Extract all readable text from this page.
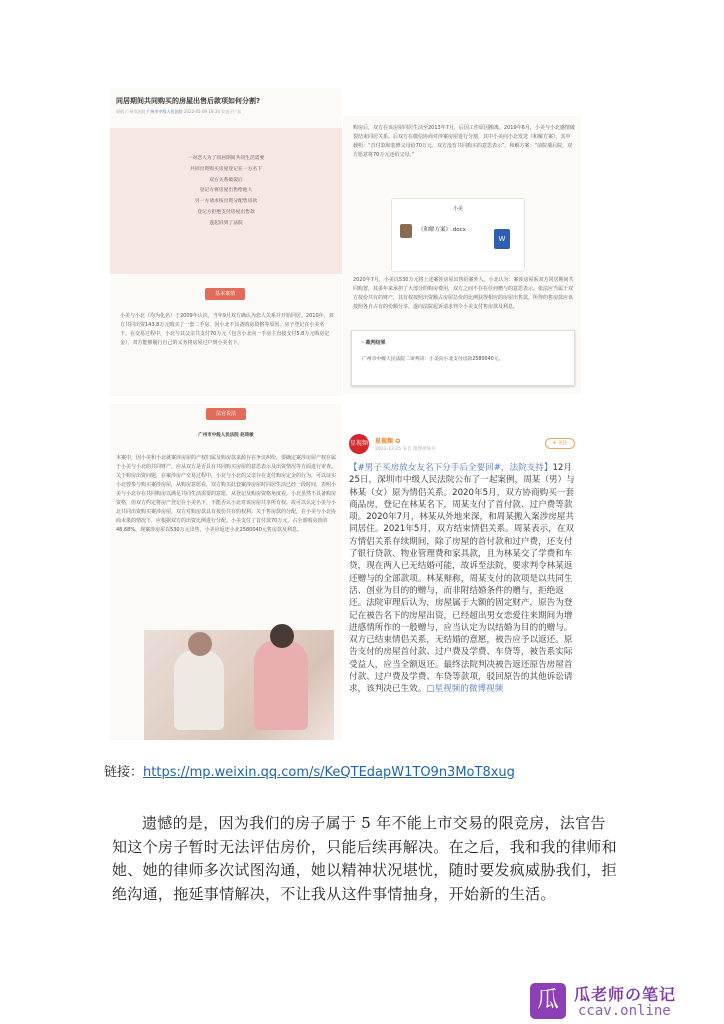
同居期间共同购买的房屋出售后款项如何分割?
原创 广州市法院 广州市中级人民法院 2022-05-09 18:34 发表于广东
一对恋人为了同居期间共同生活需要
共同出资购买房屋登记在一方名下
双方关系破裂后
登记方将房屋出售给他人
另一方请求按出资分配售房款
登记方拒绝支付房屋出售款
遂起诉到了法院
基本案情
小美与小北（均为化名）于2009年认识，当年9月双方确认为恋人关系并开始同居。2010年，双方共同出资143.8万元购买了一套二手房，因小北不具备购房资格等原因，房子登记在小美名下。在交易过程中，小北与其父亲共支付70万元（包含小北向一手房主直接支付5.8万元购房定金），双方能够履行自己的义务将房屋过户到小美名下。
购房后，双方在该房屋同居生活至2013年7月，后因工作原因搬离。2019年6月，小美与小北感情破裂结束同居关系。后双方在微信协商对涉案房屋进行分割，其中小美向小北发送《和解方案》，其中载明：“首付款和装修父母给70万元，双方没有共同购买的意思表示”。和解方案：“前院墙后院，双方愿意将70万元还给父母。”
小美
《和解方案》.docx
W
2020年7月，小美以530万元将上述案涉房屋出售给案外人。小北认为：案涉房屋系双方同居期间共同购置，其多年来承担了大部分的购房费用，双方之间不存在任何赠与的意思表示，依法应当属于双方按份共有的财产，其有权按照出资额占房屋总价的比例获得相应的房屋出售款，所得的售房款应该按照各自占有的份额分享，遂向法院起诉请求判令小美支付售房款及利息。
· 裁判结果
广州市中级人民法院二审判决：小美向小北支付房款2580040元。
法官说法
广州市中级人民法院 赵琦敏
本案中，因小美和小北就案涉房屋的产权归属及购房款来源存在争议纠纷，要确定案涉房屋产权在属于小美与小北的共同财产，应从双方是否具有共同购买房屋的意思表示及出资情况等方面进行审查。关于购房出资问题，在案涉房产交易过程中，小北与小北的父亲存在支付购房定金的行为，可以证实小北曾参与购买案涉房屋，从购房意愿看，双方购买此套案涉房屋时同居生活已经一段时间，表明小美与小北存在共同购房以满足共同生活需要的意愿，从登记及购房资格角度看，小北虽然不具备购房资格，但双方约定将房产登记在小美名下，不能否认小北对该房屋共享所有权。故可以认定小美与小北共同出资购买案涉房屋，双方对购房款具有按份共有的权利。关于售房款的分配，在小美与小北协商未果的情况下，应根据双方的出资比例进行分配。小美支付了首付款70万元，占全部购房款的48.68%，现案涉房屋以530万元出售，小美应返还小北2580040元售房款及利息。
星视频 星视频 ✪
2023-12-25 来自 微博视频号
+ 关注
【#男子买房放女友名下分手后全要回#，法院支持】12月25日，深圳市中级人民法院公布了一起案例，周某（男）与林某（女）原为情侣关系。2020年5月，双方协商购买一套商品房，登记在林某名下，周某支付了首付款、过户费等款项。2020年7月，林某从外地来深，和周某搬入案涉房屋共同居住。2021年5月，双方结束情侣关系。周某表示，在双方情侣关系存续期间，除了房屋的首付款和过户费，还支付了银行贷款、物业管理费和家具款，且为林某交了学费和车贷，现在两人已无结婚可能，故诉至法院，要求判令林某返还赠与的全部款项。林某辩称，周某支付的款项是以共同生活、创业为目的的赠与，而非附结婚条件的赠与，拒绝返还。法院审理后认为，房屋属于大额的固定财产，原告为登记在被告名下的房屋出资，已经超出男女恋爱往来期间为增进感情所作的一般赠与，应当认定为以结婚为目的的赠与。双方已结束情侣关系，无结婚的意愿，被告应予以返还。原告支付的房屋首付款、过户费及学费、车贷等，被告系实际受益人，应当全额返还。最终法院判决被告返还原告房屋首付款、过户费及学费、车贷等款项，驳回原告的其他诉讼请求，该判决已生效。□星视频的微博视频
链接：https://mp.weixin.qq.com/s/KeQTEdapW1TO9n3MoT8xug
遗憾的是，因为我们的房子属于 5 年不能上市交易的限竞房，法官告知这个房子暂时无法评估房价，只能后续再解决。在之后，我和我的律师和她、她的律师多次试图沟通，她以精神状况堪忧，随时要发疯威胁我们，拒绝沟通，拖延事情解决，不让我从这件事情抽身，开始新的生活。
瓜 瓜老师の笔记
ccav.online
